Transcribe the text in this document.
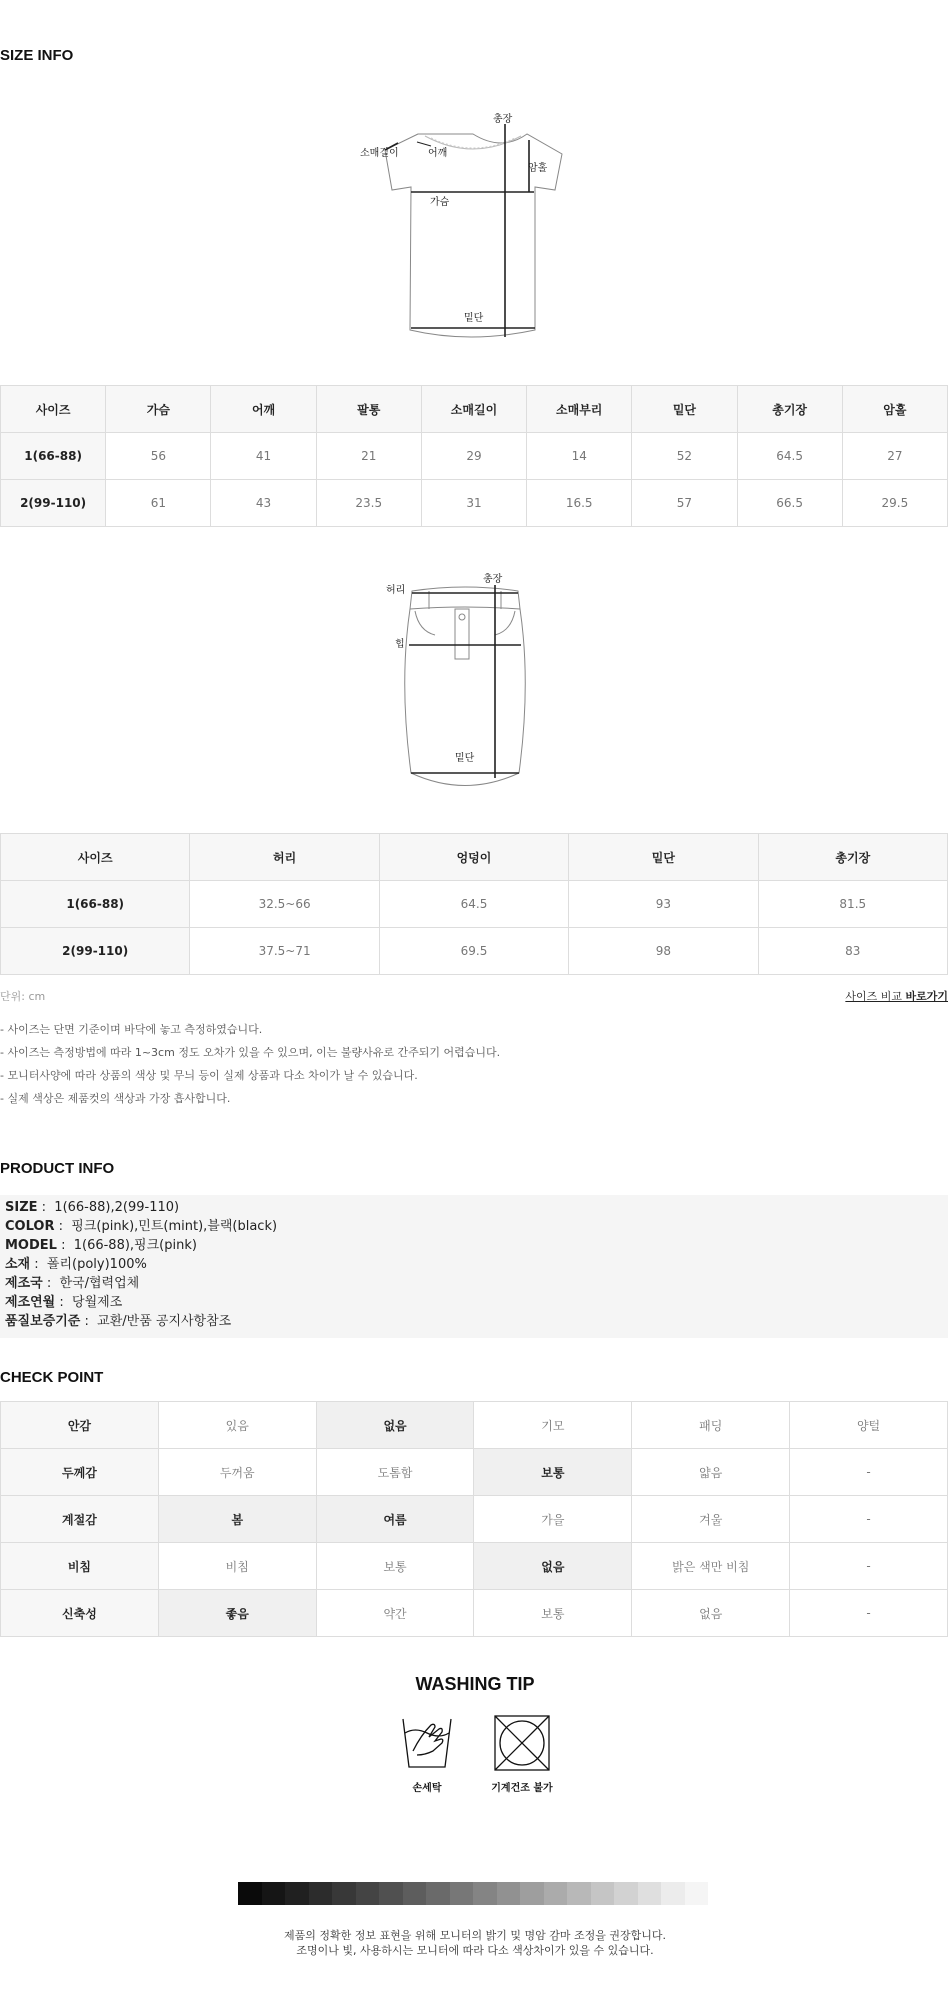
SIZE INFO
총장
소매길이	어깨
암홀
가슴
밑단
사이즈	가슴	어깨	팔통	소매길이	소매부리	밑단	총기장	암홀
1(66-88)	56	41	21	29	14	52	64.5	27
2(99-110)	61	43	23.5	31	16.5	57	66.5	29.5
총장
허리
힙
밑단
사이즈	허리	엉덩이	밑단	총기장
1(66-88)	32.5~66	64.5	93	81.5
2(99-110)	37.5~71	69.5	98	83
단위: cm	사이즈 비교 바로가기
- 사이즈는 단면 기준이며 바닥에 놓고 측정하였습니다.
- 사이즈는 측정방법에 따라 1~3cm 정도 오차가 있을 수 있으며, 이는 불량사유로 간주되기 어렵습니다.
- 모니터사양에 따라 상품의 색상 및 무늬 등이 실제 상품과 다소 차이가 날 수 있습니다.
- 실제 색상은 제품컷의 색상과 가장 흡사합니다.
PRODUCT INFO
SIZE :  1(66-88),2(99-110)
COLOR :  핑크(pink),민트(mint),블랙(black)
MODEL :  1(66-88),핑크(pink)
소재 :  폴리(poly)100%
제조국 :  한국/협력업체
제조연월 :  당월제조
품질보증기준 :  교환/반품 공지사항참조
CHECK POINT
안감	있음	없음	기모	패딩	양털
두께감	두꺼움	도톰함	보통	얇음	-
계절감	봄	여름	가을	겨울	-
비침	비침	보통	없음	밝은 색만 비침	-
신축성	좋음	약간	보통	없음	-
WASHING TIP
손세탁	기계건조 불가
제품의 정확한 정보 표현을 위해 모니터의 밝기 및 명암 감마 조정을 권장합니다.
조명이나 빛, 사용하시는 모니터에 따라 다소 색상차이가 있을 수 있습니다.
